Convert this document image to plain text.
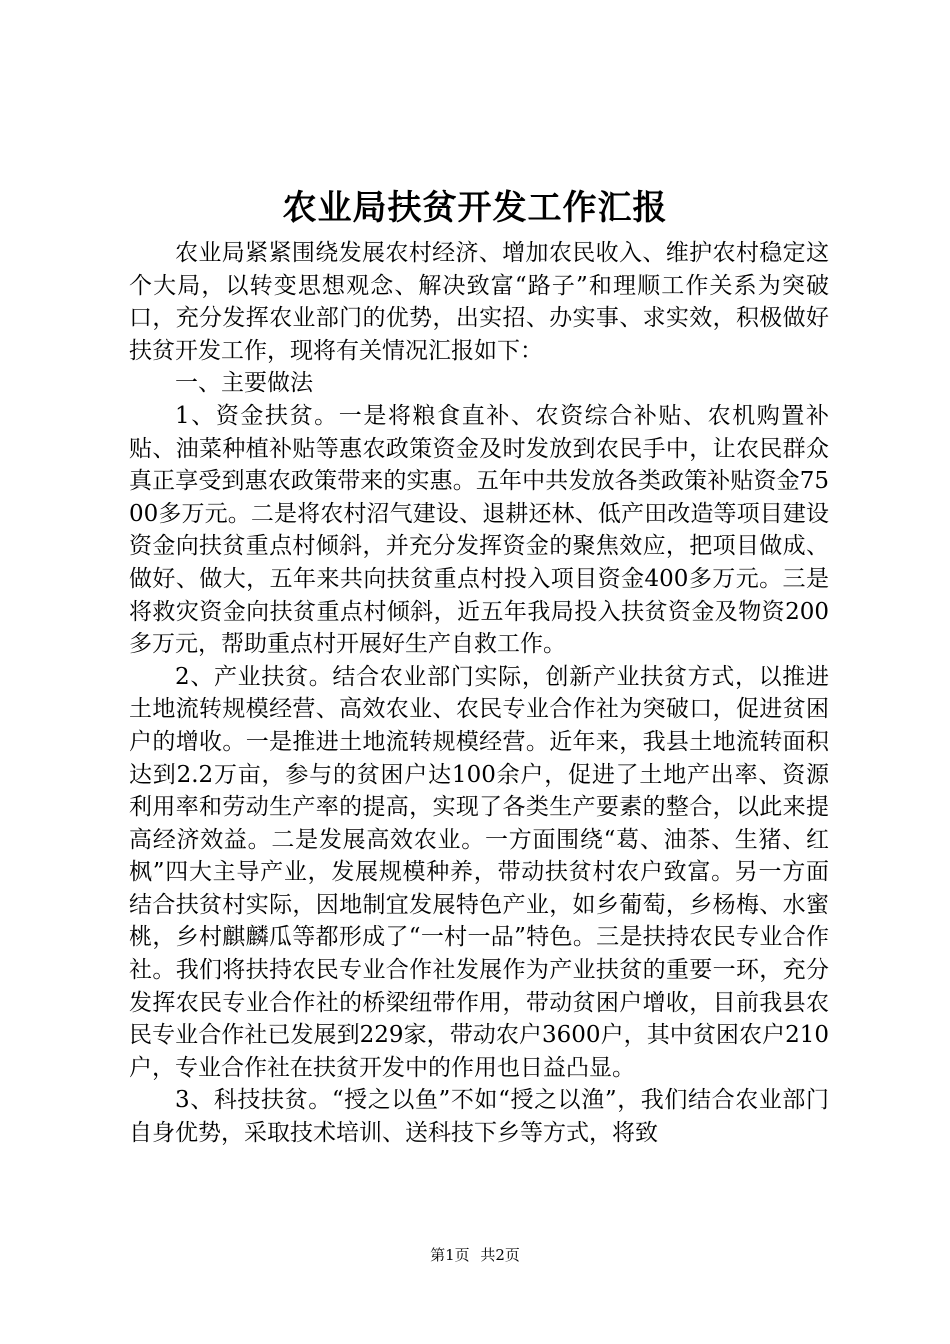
农业局扶贫开发工作汇报

农业局紧紧围绕发展农村经济、增加农民收入、维护农村稳定这个大局，以转变思想观念、解决致富“路子”和理顺工作关系为突破口，充分发挥农业部门的优势，出实招、办实事、求实效，积极做好扶贫开发工作，现将有关情况汇报如下：

一、主要做法

1、资金扶贫。一是将粮食直补、农资综合补贴、农机购置补贴、油菜种植补贴等惠农政策资金及时发放到农民手中，让农民群众真正享受到惠农政策带来的实惠。五年中共发放各类政策补贴资金7500多万元。二是将农村沼气建设、退耕还林、低产田改造等项目建设资金向扶贫重点村倾斜，并充分发挥资金的聚焦效应，把项目做成、做好、做大，五年来共向扶贫重点村投入项目资金400多万元。三是将救灾资金向扶贫重点村倾斜，近五年我局投入扶贫资金及物资200多万元，帮助重点村开展好生产自救工作。

2、产业扶贫。结合农业部门实际，创新产业扶贫方式，以推进土地流转规模经营、高效农业、农民专业合作社为突破口，促进贫困户的增收。一是推进土地流转规模经营。近年来，我县土地流转面积达到2.2万亩，参与的贫困户达100余户，促进了土地产出率、资源利用率和劳动生产率的提高，实现了各类生产要素的整合，以此来提高经济效益。二是发展高效农业。一方面围绕“葛、油茶、生猪、红枫”四大主导产业，发展规模种养，带动扶贫村农户致富。另一方面结合扶贫村实际，因地制宜发展特色产业，如乡葡萄，乡杨梅、水蜜桃，乡村麒麟瓜等都形成了“一村一品”特色。三是扶持农民专业合作社。我们将扶持农民专业合作社发展作为产业扶贫的重要一环，充分发挥农民专业合作社的桥梁纽带作用，带动贫困户增收，目前我县农民专业合作社已发展到229家，带动农户3600户，其中贫困农户210户，专业合作社在扶贫开发中的作用也日益凸显。

3、科技扶贫。“授之以鱼”不如“授之以渔”，我们结合农业部门自身优势，采取技术培训、送科技下乡等方式，将致

第1页 共2页
